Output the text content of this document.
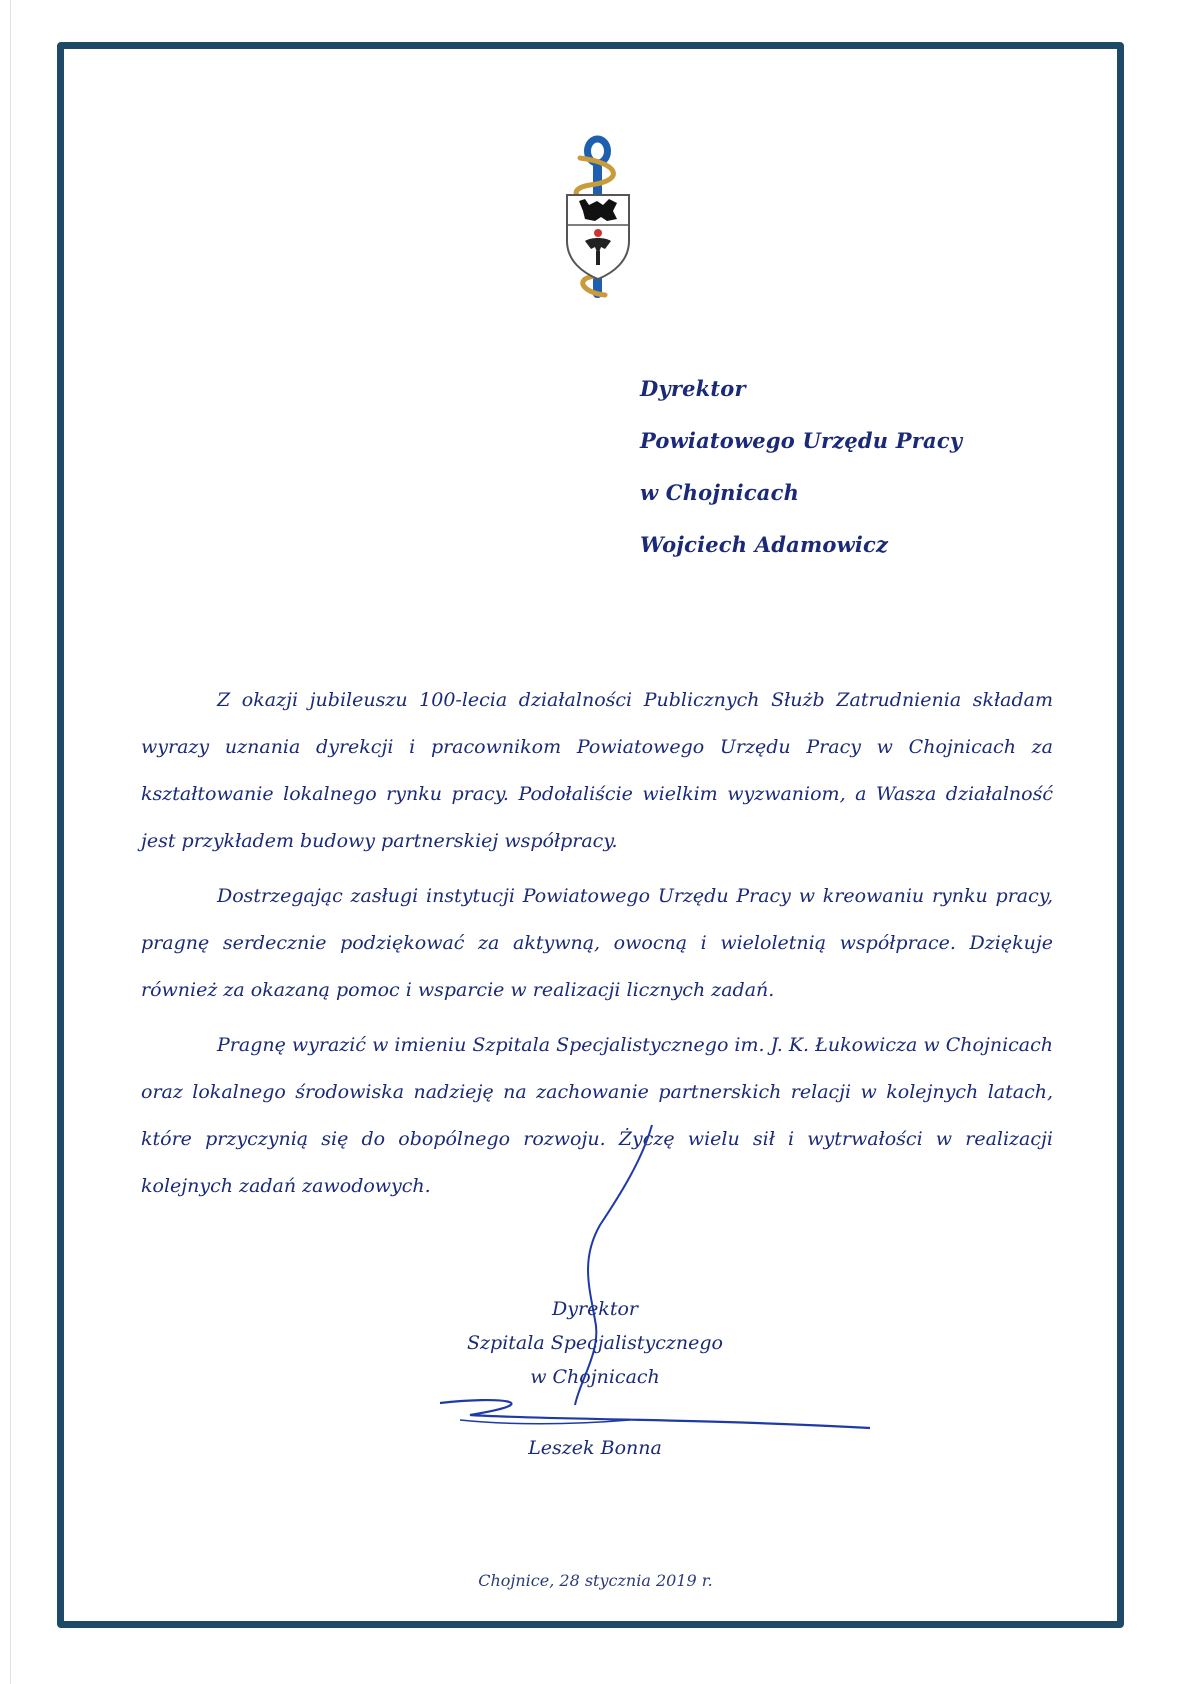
Dyrektor
Powiatowego Urzędu Pracy
w Chojnicach
Wojciech Adamowicz

Z okazji jubileuszu 100-lecia działalności Publicznych Służb Zatrudnienia składam wyrazy uznania dyrekcji i pracownikom Powiatowego Urzędu Pracy w Chojnicach za kształtowanie lokalnego rynku pracy. Podołaliście wielkim wyzwaniom, a Wasza działalność jest przykładem budowy partnerskiej współpracy.

Dostrzegając zasługi instytucji Powiatowego Urzędu Pracy w kreowaniu rynku pracy, pragnę serdecznie podziękować za aktywną, owocną i wieloletnią współprace. Dziękuje również za okazaną pomoc i wsparcie w realizacji licznych zadań.

Pragnę wyrazić w imieniu Szpitala Specjalistycznego im. J. K. Łukowicza w Chojnicach oraz lokalnego środowiska nadzieję na zachowanie partnerskich relacji w kolejnych latach, które przyczynią się do obopólnego rozwoju. Życzę wielu sił i wytrwałości w realizacji kolejnych zadań zawodowych.

Dyrektor
Szpitala Specjalistycznego
w Chojnicach
Leszek Bonna
Chojnice, 28 stycznia 2019 r.
